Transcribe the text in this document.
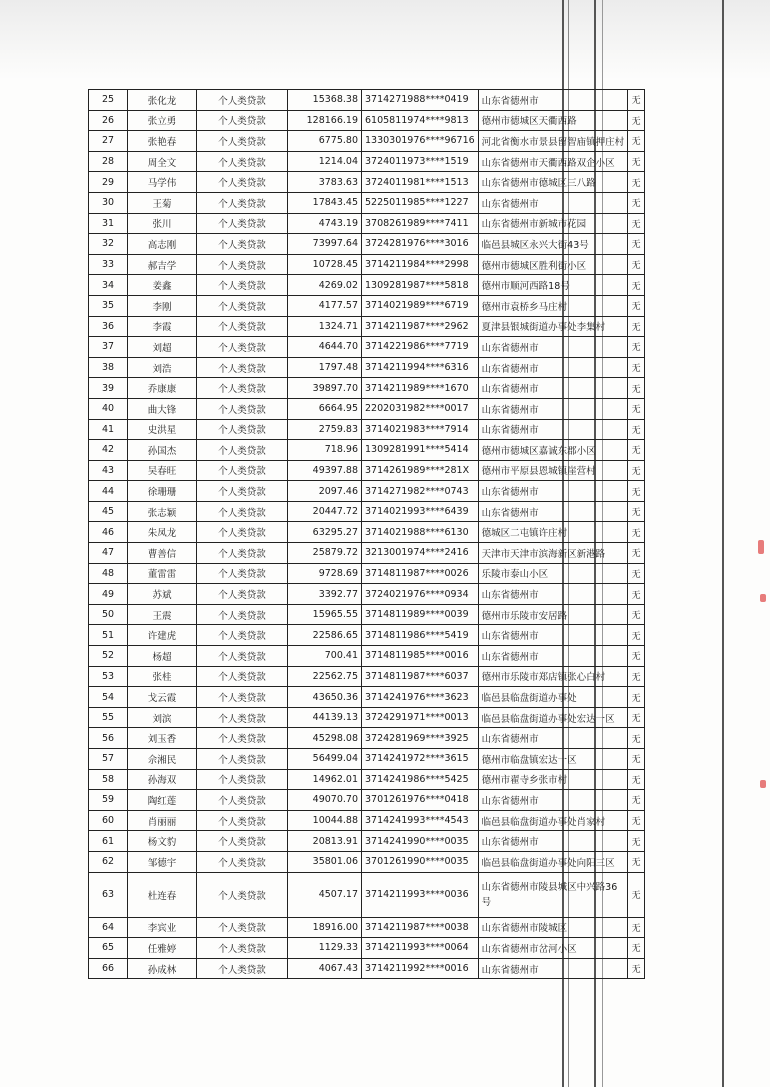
25	张化龙	个人类贷款	15368.38	3714271988****0419	山东省德州市	无
26	张立勇	个人类贷款	128166.19	6105811974****9813	德州市德城区天衢西路	无
27	张艳春	个人类贷款	6775.80	1330301976****96716	河北省衡水市景县留智庙镇押庄村	无
28	周全文	个人类贷款	1214.04	3724011973****1519	山东省德州市天衢西路双企小区	无
29	马学伟	个人类贷款	3783.63	3724011981****1513	山东省德州市德城区三八路	无
30	王菊	个人类贷款	17843.45	5225011985****1227	山东省德州市	无
31	张川	个人类贷款	4743.19	3708261989****7411	山东省德州市新城市花园	无
32	高志刚	个人类贷款	73997.64	3724281976****3016	临邑县城区永兴大街43号	无
33	郝吉学	个人类贷款	10728.45	3714211984****2998	德州市德城区胜利街小区	无
34	姜鑫	个人类贷款	4269.02	1309281987****5818	德州市顺河西路18号	无
35	李刚	个人类贷款	4177.57	3714021989****6719	德州市袁桥乡马庄村	无
36	李霞	个人类贷款	1324.71	3714211987****2962	夏津县银城街道办事处李集村	无
37	刘超	个人类贷款	4644.70	3714221986****7719	山东省德州市	无
38	刘浩	个人类贷款	1797.48	3714211994****6316	山东省德州市	无
39	乔康康	个人类贷款	39897.70	3714211989****1670	山东省德州市	无
40	曲大锋	个人类贷款	6664.95	2202031982****0017	山东省德州市	无
41	史洪星	个人类贷款	2759.83	3714021983****7914	山东省德州市	无
42	孙国杰	个人类贷款	718.96	1309281991****5414	德州市德城区嘉诚东郡小区	无
43	吴春旺	个人类贷款	49397.88	3714261989****281X	德州市平原县恩城镇崖营村	无
44	徐珊珊	个人类贷款	2097.46	3714271982****0743	山东省德州市	无
45	张志颖	个人类贷款	20447.72	3714021993****6439	山东省德州市	无
46	朱凤龙	个人类贷款	63295.27	3714021988****6130	德城区二屯镇许庄村	无
47	曹善信	个人类贷款	25879.72	3213001974****2416	天津市天津市滨海新区新港路	无
48	董雷雷	个人类贷款	9728.69	3714811987****0026	乐陵市泰山小区	无
49	苏斌	个人类贷款	3392.77	3724021976****0934	山东省德州市	无
50	王震	个人类贷款	15965.55	3714811989****0039	德州市乐陵市安居路	无
51	许建虎	个人类贷款	22586.65	3714811986****5419	山东省德州市	无
52	杨超	个人类贷款	700.41	3714811985****0016	山东省德州市	无
53	张桂	个人类贷款	22562.75	3714811987****6037	德州市乐陵市郑店镇张心白村	无
54	戈云霞	个人类贷款	43650.36	3714241976****3623	临邑县临盘街道办事处	无
55	刘滨	个人类贷款	44139.13	3724291971****0013	临邑县临盘街道办事处宏达一区	无
56	刘玉香	个人类贷款	45298.08	3724281969****3925	山东省德州市	无
57	佘湘民	个人类贷款	56499.04	3714241972****3615	德州市临盘镇宏达一区	无
58	孙海双	个人类贷款	14962.01	3714241986****5425	德州市翟寺乡张市村	无
59	陶红莲	个人类贷款	49070.70	3701261976****0418	山东省德州市	无
60	肖丽丽	个人类贷款	10044.88	3714241993****4543	临邑县临盘街道办事处肖家村	无
61	杨文豹	个人类贷款	20813.91	3714241990****0035	山东省德州市	无
62	邹德宇	个人类贷款	35801.06	3701261990****0035	临邑县临盘街道办事处向阳三区	无
63	杜连春	个人类贷款	4507.17	3714211993****0036	山东省德州市陵县城区中兴路36号	无
64	李宾业	个人类贷款	18916.00	3714211987****0038	山东省德州市陵城区	无
65	任雅婷	个人类贷款	1129.33	3714211993****0064	山东省德州市岔河小区	无
66	孙成林	个人类贷款	4067.43	3714211992****0016	山东省德州市	无
